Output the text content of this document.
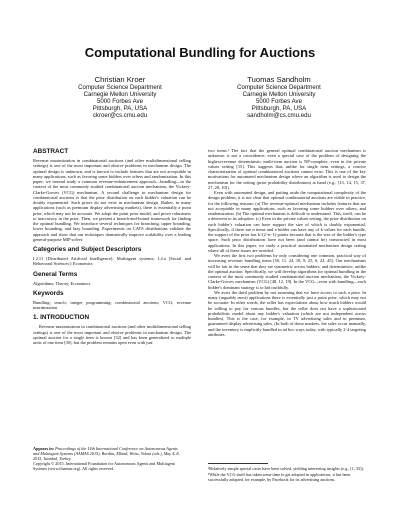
Computational Bundling for Auctions
Christian Kroer
Computer Science Department
Carnegie Mellon University
5000 Forbes Ave
Pittsburgh, PA, USA
ckroer@cs.cmu.edu
Tuomas Sandholm
Computer Science Department
Carnegie Mellon University
5000 Forbes Ave
Pittsburgh, PA, USA
sandholm@cs.cmu.edu
ABSTRACT

Revenue maximization in combinatorial auctions (and other multidimensional selling settings) is one of the most important and elusive problems in mechanism design. The optimal design is unknown, and is known to include features that are not acceptable in many applications, such as favoring some bidders over others and randomization. In this paper, we instead study a common revenue-enhancement approach—bundling—in the context of the most commonly studied combinatorial auction mechanism, the Vickrey-Clarke-Groves (VCG) mechanism. A second challenge in mechanism design for combinatorial auctions is that the prior distribution on each bidder's valuation can be doubly exponential. Such priors do not exist in mechanism design. Rather, in many applications (such as premium display advertising markets), there is essentially a point prior, which may not be accurate. We adopt the point prior model, and prove robustness to inaccuracy in the prior. Then, we present a branch-and-bound framework for finding the optimal bundling. We introduce several techniques for branching, upper bounding, lower bounding, and lazy bounding. Experiments on CATS distributions validate the approach and show that our techniques dramatically improve scalability over a leading general-purpose MIP solver.

Categories and Subject Descriptors

I.2.11 [Distributed Artificial Intelligence]: Multiagent systems; J.4.a [Social and Behavioral Sciences]: Economics

General Terms

Algorithms; Theory; Economics

Keywords

Bundling; search; integer programming; combinatorial auctions; VCG; revenue maximization

1. INTRODUCTION

Revenue maximization in combinatorial auctions (and other multidimensional selling settings) is one of the most important and elusive problems in mechanism design. The optimal auction for a single item is known [32] and has been generalized to multiple units of one item [30], but the problem remains open even with just

Appears in: Proceedings of the 14th International Conference on Autonomous Agents and Multiagent Systems (AAMAS 2015), Bordini, Elkind, Weiss, Yolum (eds.), May 4–8, 2015, Istanbul, Turkey.
Copyright © 2015, International Foundation for Autonomous Agents and Multiagent Systems (www.ifaamas.org). All rights reserved.

two items.¹ The fact that the general optimal combinatorial auction mechanism is unknown is not a coincidence: even a special case of the problem of designing the highest-revenue deterministic multi-item auction is NP-complete, even in the private values setting [15]. This suggests that, unlike for single item settings, a concise characterization of optimal combinatorial auctions cannot exist. This is one of the key motivations for automated mechanism design where an algorithm is used to design the mechanism for the setting (prior probability distribution) at hand (e.g., [13, 14, 15, 37, 27, 28, 10]).

Even with automated design, and putting aside the computational complexity of the design problem, it is not clear that optimal combinatorial auctions are viable in practice, for the following reasons: (a) The revenue-optimal mechanism includes features that are not acceptable in many applications, such as favoring some bidders over others, and randomization. (b) The optimal mechanism is difficult to understand. This, itself, can be a deterrent to its adoption. (c) Even in the private values setting, the prior distribution on each bidder's valuation can have support the size of which is doubly exponential. Specifically, if there are n items and a bidder can have any of k values for each bundle, the support of the prior has k^(2^n−1) points because that is the size of the bidder's type space. Such prior distributions have not been (and cannot be) constructed in most applications. In this paper, we study a practical automated mechanism design setting where all of these issues are avoided.

We avert the first two problems by only considering one common, practical way of increasing revenue: bundling items [50, 11, 24, 18, 9, 25, 6, 22, 45]. Our mechanisms will be fair in the sense that they are symmetric across bidders, and deterministic, unlike the optimal auction. Specifically, we will develop algorithms for optimal bundling in the context of the most commonly studied combinatorial auction mechanism, the Vickrey-Clarke-Groves mechanism (VCG) [48, 12, 19]. In the VCG—even with bundling—each bidder's dominant strategy is to bid truthfully.

We avert the third problem by not assuming that we have access to such a prior. In many (arguably most) applications there is essentially just a point prior, which may not be accurate. In other words, the seller has expectations about how much bidders would be willing to pay for various bundles, but the seller does not have a sophisticated probabilistic model about any bidder's valuation (which are not independent across bundles). This is the case, for example, in TV advertising sales and in premium, guaranteed display advertising sales. (In both of those markets, the sales occur manually, and the inventory is implicitly bundled in ad hoc ways today, with typically 2-4 targeting attributes.

¹Relatively simple special cases have been solved, yielding interesting insights (e.g., [1, 33]).
²While the VCG itself has taken some time to get adopted in applications, it has been successfully adopted, for example, by Facebook for its advertising auctions.
